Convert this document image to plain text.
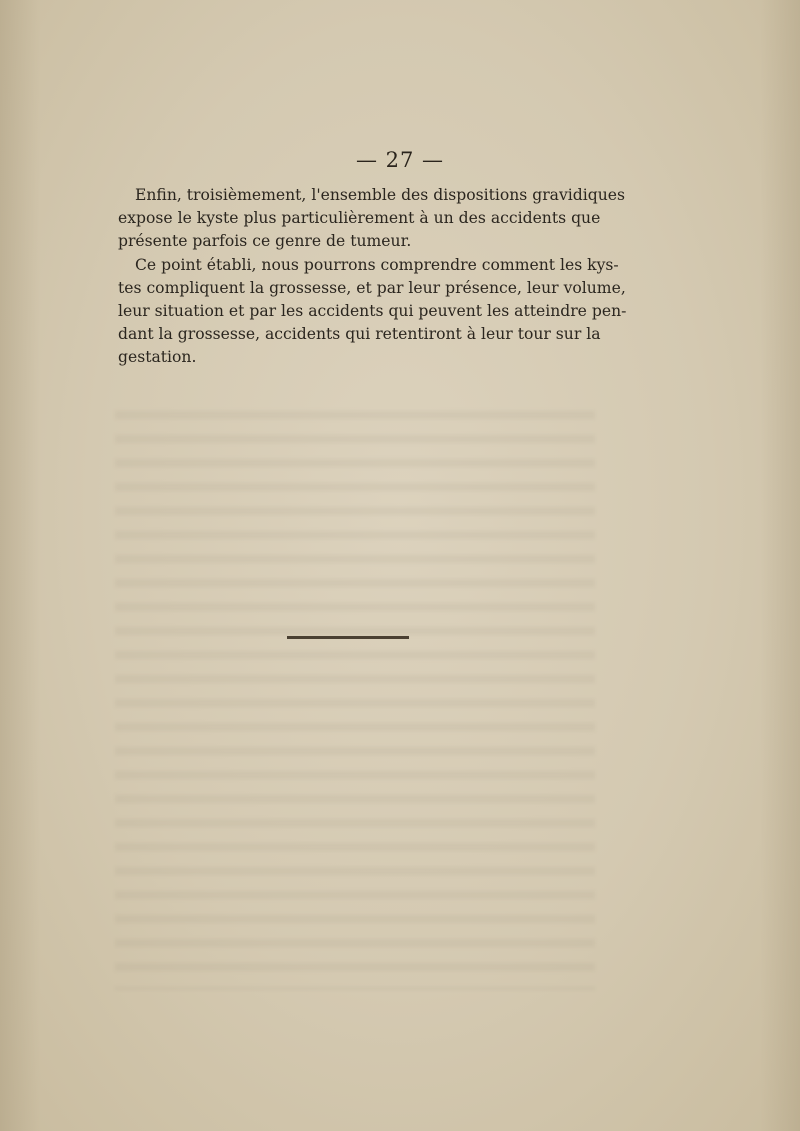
— 27 —

Enfin, troisièmement, l'ensemble des dispositions gravidiques
expose le kyste plus particulièrement à un des accidents que
présente parfois ce genre de tumeur.

Ce point établi, nous pourrons comprendre comment les kys-
tes compliquent la grossesse, et par leur présence, leur volume,
leur situation et par les accidents qui peuvent les atteindre pen-
dant la grossesse, accidents qui retentiront à leur tour sur la
gestation.
